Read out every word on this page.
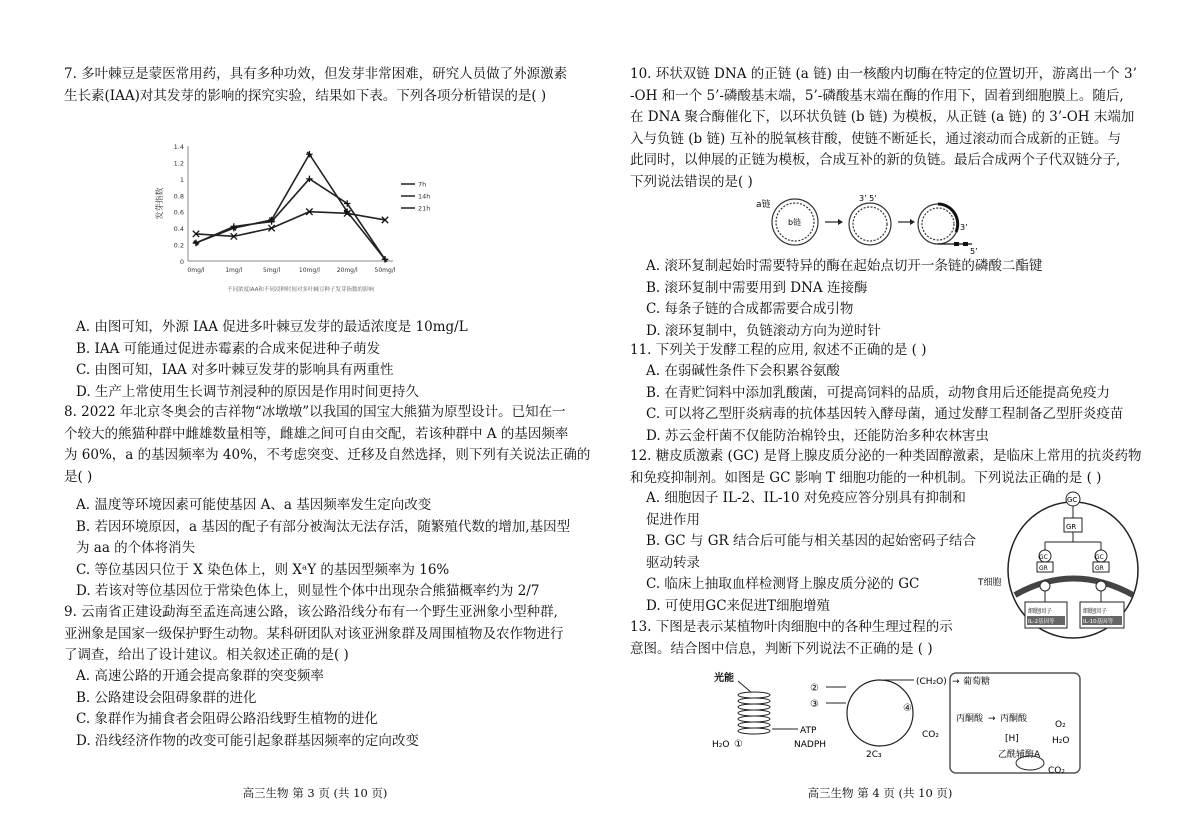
7. 多叶棘豆是蒙医常用药，具有多种功效，但发芽非常困难，研究人员做了外源激素
生长素(IAA)对其发芽的影响的探究实验，结果如下表。下列各项分析错误的是( )
1.4
1.2
1
0.8
0.6
0.4
0.2
0
发芽指数
0mg/l	1mg/l	5mg/l	10mg/l	20mg/l	50mg/l
7h
14h
21h
不同浓度IAA和不同浸种时间对多叶棘豆种子发芽指数的影响
A. 由图可知，外源 IAA 促进多叶棘豆发芽的最适浓度是 10mg/L
B. IAA 可能通过促进赤霉素的合成来促进种子萌发
C. 由图可知，IAA 对多叶棘豆发芽的影响具有两重性
D. 生产上常使用生长调节剂浸种的原因是作用时间更持久
8. 2022 年北京冬奥会的吉祥物“冰墩墩”以我国的国宝大熊猫为原型设计。已知在一
个较大的熊猫种群中雌雄数量相等，雌雄之间可自由交配，若该种群中 A 的基因频率
为 60%，a 的基因频率为 40%，不考虑突变、迁移及自然选择，则下列有关说法正确的
是( )
A. 温度等环境因素可能使基因 A、a 基因频率发生定向改变
B. 若因环境原因，a 基因的配子有部分被淘汰无法存活，随繁殖代数的增加,基因型
为 aa 的个体将消失
C. 等位基因只位于 X 染色体上，则 XᵃY 的基因型频率为 16%
D. 若该对等位基因位于常染色体上，则显性个体中出现杂合熊猫概率约为 2/7
9. 云南省正建设勐海至孟连高速公路，该公路沿线分布有一个野生亚洲象小型种群,
亚洲象是国家一级保护野生动物。某科研团队对该亚洲象群及周围植物及农作物进行
了调查，给出了设计建议。相关叙述正确的是( )
A. 高速公路的开通会提高象群的突变频率
B. 公路建设会阻碍象群的进化
C. 象群作为捕食者会阻碍公路沿线野生植物的进化
D. 沿线经济作物的改变可能引起象群基因频率的定向改变
高三生物 第 3 页 (共 10 页)
10. 环状双链 DNA 的正链 (a 链) 由一核酸内切酶在特定的位置切开，游离出一个 3’
-OH 和一个 5’-磷酸基末端，5’-磷酸基末端在酶的作用下，固着到细胞膜上。随后,
在 DNA 聚合酶催化下，以环状负链 (b 链) 为模板，从正链 (a 链) 的 3’-OH 末端加
入与负链 (b 链) 互补的脱氧核苷酸，使链不断延长，通过滚动而合成新的正链。与
此同时，以伸展的正链为模板，合成互补的新的负链。最后合成两个子代双链分子,
下列说法错误的是( )
a链
b链
3’ 5’
3’
5’
A. 滚环复制起始时需要特异的酶在起始点切开一条链的磷酸二酯键
B. 滚环复制中需要用到 DNA 连接酶
C. 每条子链的合成都需要合成引物
D. 滚环复制中，负链滚动方向为逆时针
11. 下列关于发酵工程的应用, 叙述不正确的是 ( )
A. 在弱碱性条件下会积累谷氨酸
B. 在青贮饲料中添加乳酸菌，可提高饲料的品质，动物食用后还能提高免疫力
C. 可以将乙型肝炎病毒的抗体基因转入酵母菌，通过发酵工程制备乙型肝炎疫苗
D. 苏云金杆菌不仅能防治棉铃虫，还能防治多种农林害虫
12. 糖皮质激素 (GC) 是肾上腺皮质分泌的一种类固醇激素，是临床上常用的抗炎药物
和免疫抑制剂。如图是 GC 影响 T 细胞功能的一种机制。下列说法正确的是 ( )
A. 细胞因子 IL-2、IL-10 对免疫应答分别具有抑制和
促进作用
B. GC 与 GR 结合后可能与相关基因的起始密码子结合
驱动转录
C. 临床上抽取血样检测肾上腺皮质分泌的 GC
D. 可使用GC来促进T细胞增殖
T细胞
GC
GR
GC
GR
GC
GR
细胞因子
IL-2基因等
细胞因子
IL-10基因等
13. 下图是表示某植物叶肉细胞中的各种生理过程的示
意图。结合图中信息，判断下列说法不正确的是 ( )
光能
H₂O ①
ATP
NADPH
②
③	④
2C₃
CO₂
(CH₂O) → 葡萄糖
丙酮酸 → 丙酮酸
[H]
O₂
H₂O
乙酰辅酶A
CO₂
高三生物 第 4 页 (共 10 页)
